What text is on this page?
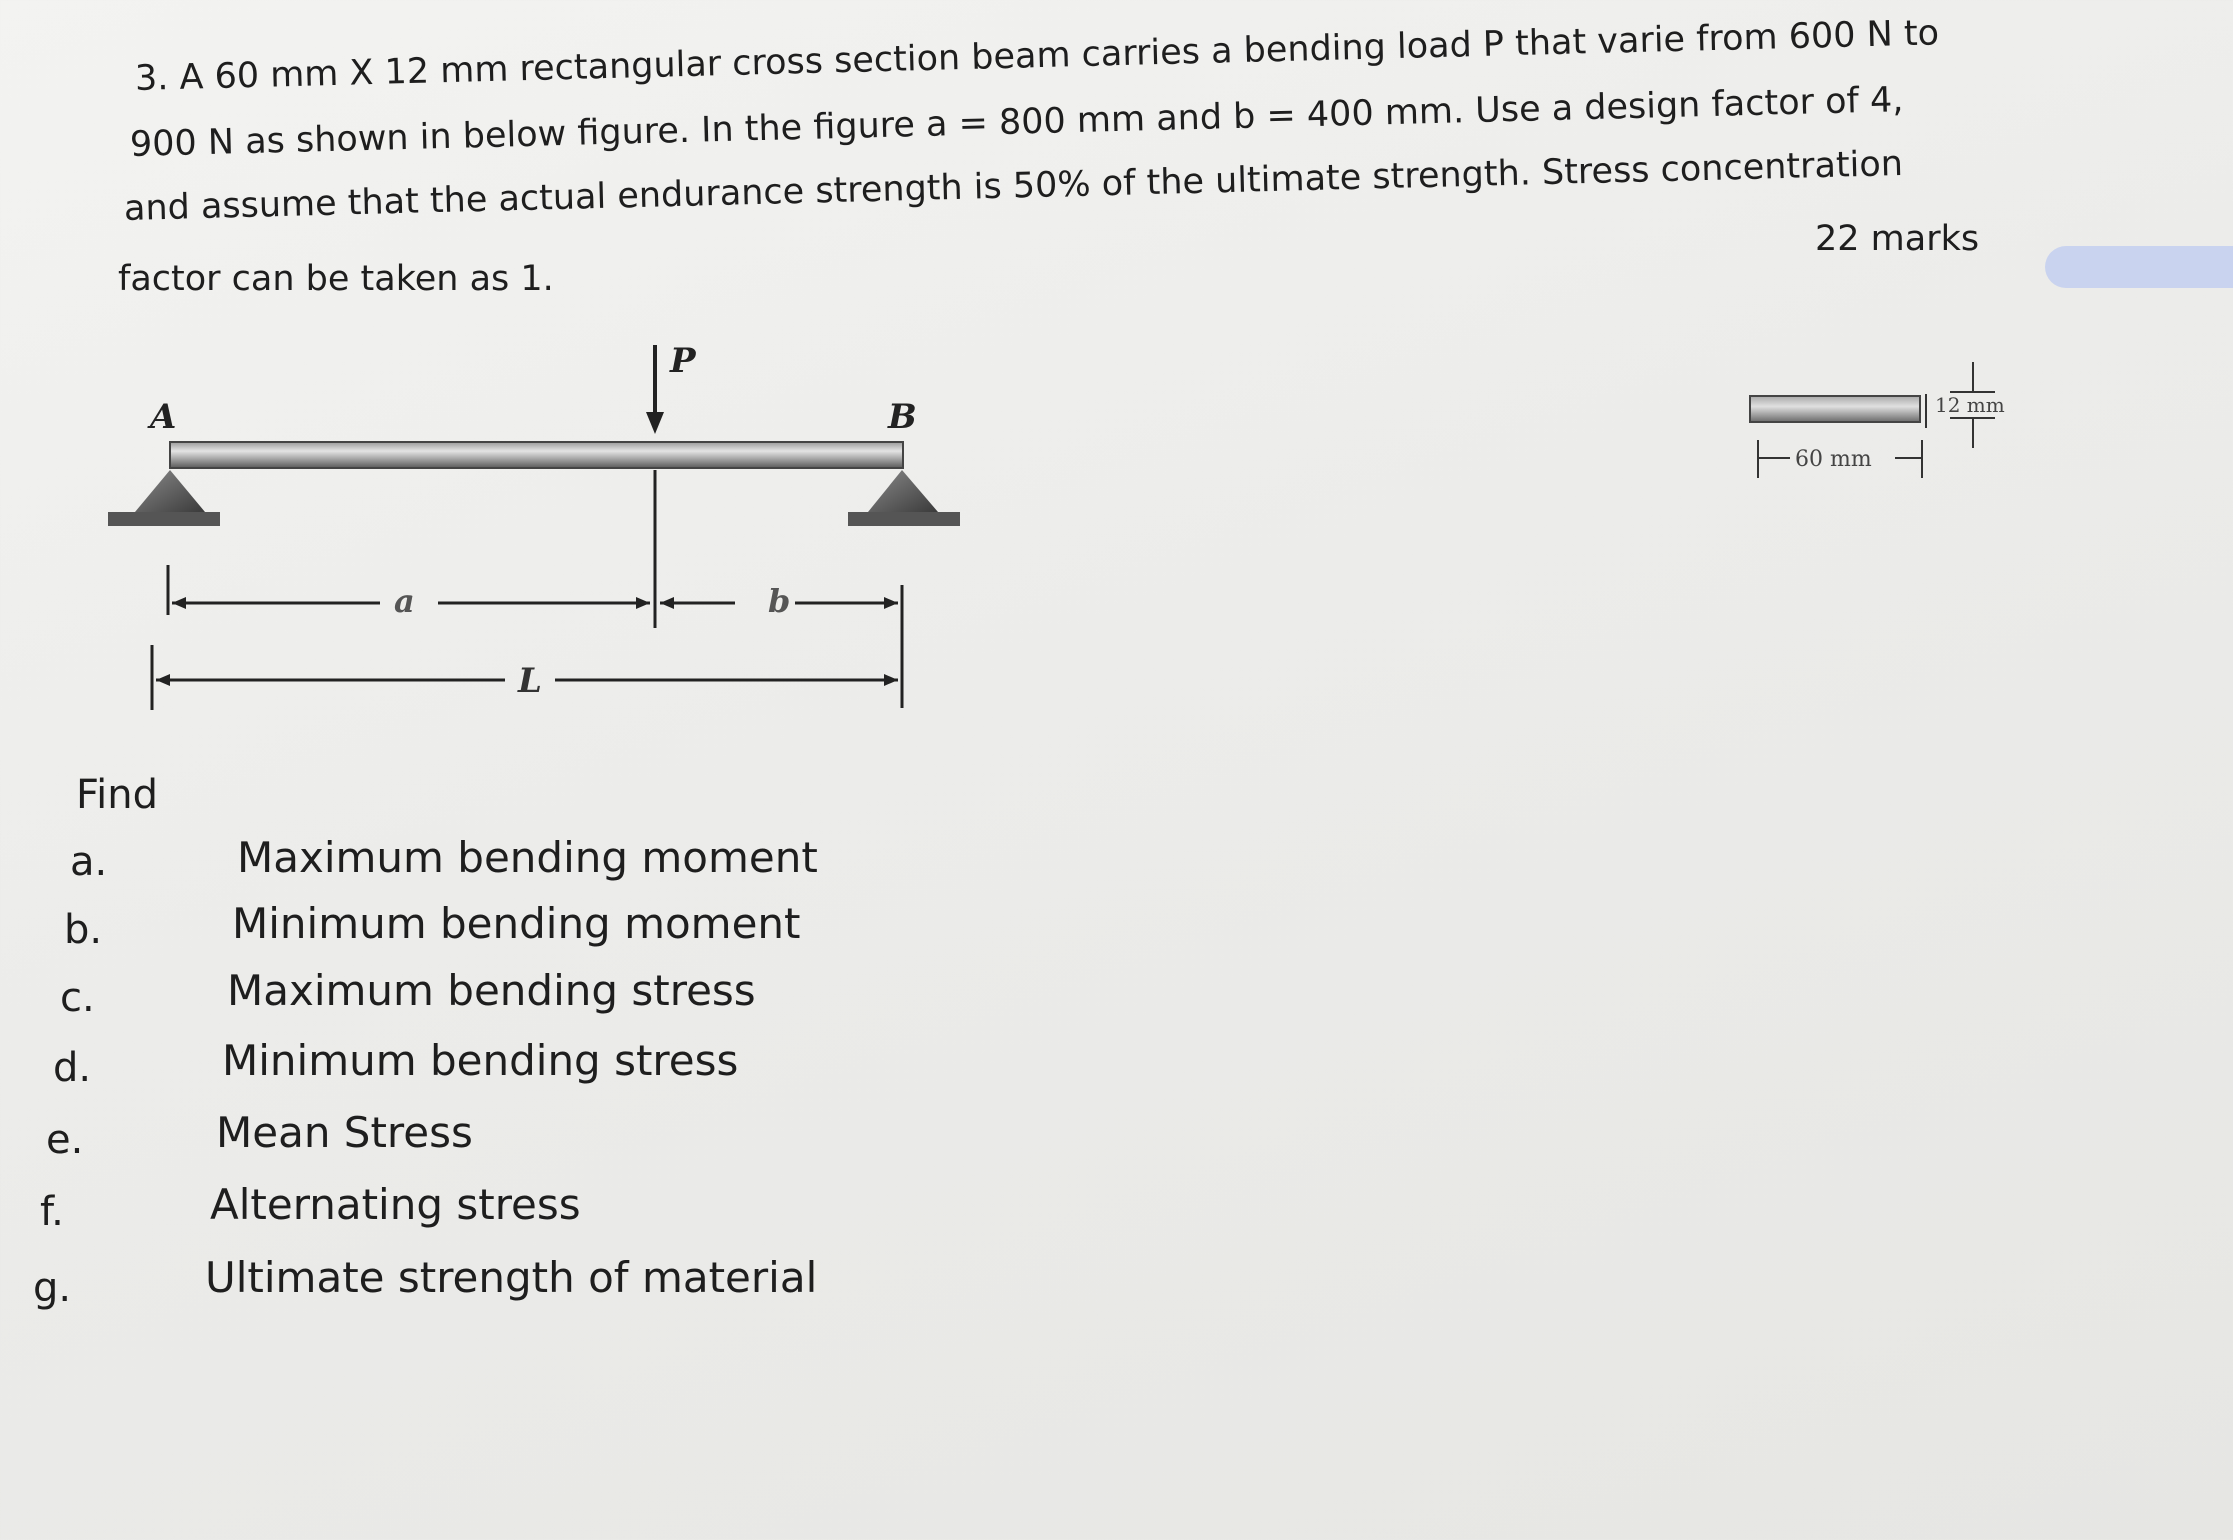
3. A 60 mm X 12 mm rectangular cross section beam carries a bending load P that varie from 600 N to
900 N as shown in below figure. In the figure a = 800 mm and b = 400 mm. Use a design factor of 4,
and assume that the actual endurance strength is 50% of the ultimate strength. Stress concentration
factor can be taken as 1.
22 marks
P
A	B
a	b
L
12 mm
60 mm
Find
a.	Maximum bending moment
b.	Minimum bending moment
c.	Maximum bending stress
d.	Minimum bending stress
e.	Mean Stress
f.	Alternating stress
g.	Ultimate strength of material
